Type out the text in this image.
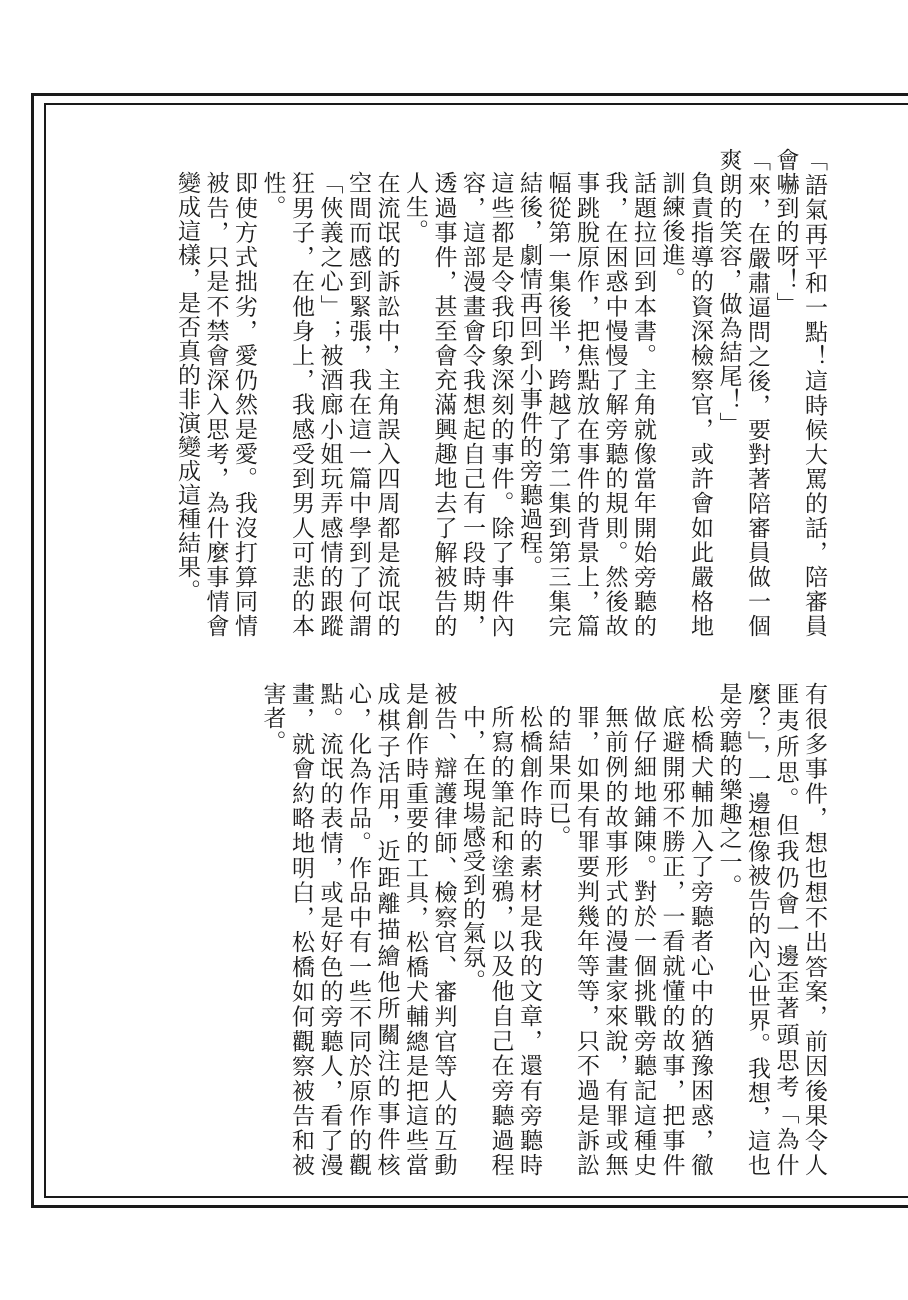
「語氣再平和一點！這時候大罵的話，陪審員會嚇到的呀！」

「來，在嚴肅逼問之後，要對著陪審員做一個爽朗的笑容，做為結尾！」

負責指導的資深檢察官，或許會如此嚴格地訓練後進。

話題拉回到本書。主角就像當年開始旁聽的我，在困惑中慢慢了解旁聽的規則。然後故事跳脫原作，把焦點放在事件的背景上，篇幅從第一集後半，跨越了第二集到第三集完結後，劇情再回到小事件的旁聽過程。

這些都是令我印象深刻的事件。除了事件內容，這部漫畫會令我想起自己有一段時期，透過事件，甚至會充滿興趣地去了解被告的人生。

在流氓的訴訟中，主角誤入四周都是流氓的空間而感到緊張，我在這一篇中學到了何謂「俠義之心」；被酒廊小姐玩弄感情的跟蹤狂男子，在他身上，我感受到男人可悲的本性。

即使方式拙劣，愛仍然是愛。我沒打算同情被告，只是不禁會深入思考，為什麼事情會變成這樣，是否真的非演變成這種結果。

有很多事件，想也想不出答案，前因後果令人匪夷所思。但我仍會一邊歪著頭思考「為什麼？」，一邊想像被告的內心世界。我想，這也是旁聽的樂趣之一。

松橋犬輔加入了旁聽者心中的猶豫困惑，徹底避開邪不勝正，一看就懂的故事，把事件做仔細地鋪陳。對於一個挑戰旁聽記這種史無前例的故事形式的漫畫家來說，有罪或無罪，如果有罪要判幾年等等，只不過是訴訟的結果而已。

松橋創作時的素材是我的文章，還有旁聽時所寫的筆記和塗鴉，以及他自己在旁聽過程中，在現場感受到的氣氛。

被告、辯護律師、檢察官、審判官等人的互動是創作時重要的工具，松橋犬輔總是把這些當成棋子活用，近距離描繪他所關注的事件核心，化為作品。作品中有一些不同於原作的觀點。流氓的表情，或是好色的旁聽人，看了漫畫，就會約略地明白，松橋如何觀察被告和被害者。
